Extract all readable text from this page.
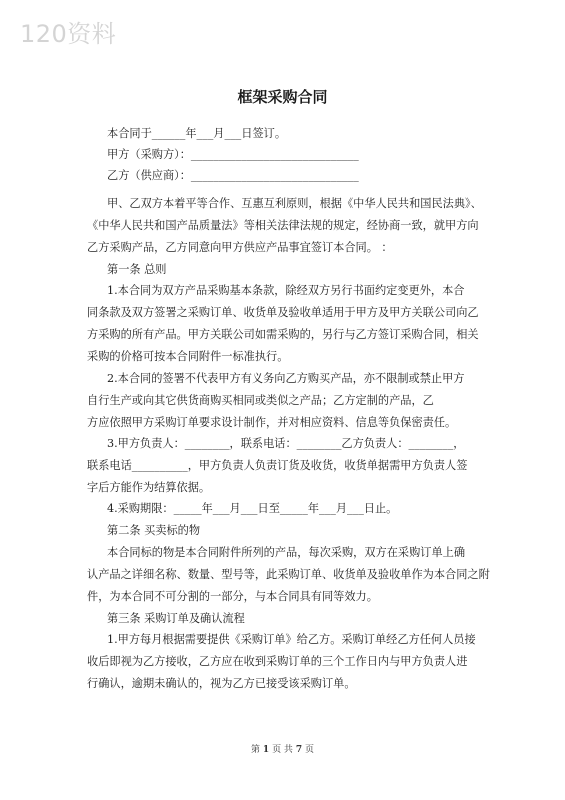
120资料
框架采购合同
本合同于______年___月___日签订。
甲方（采购方）：______________________________
乙方（供应商）：______________________________
甲、乙双方本着平等合作、互惠互利原则，根据《中华人民共和国民法典》、
《中华人民共和国产品质量法》等相关法律法规的规定，经协商一致，就甲方向
乙方采购产品，乙方同意向甲方供应产品事宜签订本合同。 ：
第一条 总则
1.本合同为双方产品采购基本条款，除经双方另行书面约定变更外，本合
同条款及双方签署之采购订单、收货单及验收单适用于甲方及甲方关联公司向乙
方采购的所有产品。甲方关联公司如需采购的，另行与乙方签订采购合同，相关
采购的价格可按本合同附件一标准执行。
2.本合同的签署不代表甲方有义务向乙方购买产品，亦不限制或禁止甲方
自行生产或向其它供货商购买相同或类似之产品；乙方定制的产品，乙
方应依照甲方采购订单要求设计制作，并对相应资料、信息等负保密责任。
3.甲方负责人：________，联系电话：________乙方负责人：________，
联系电话__________，甲方负责人负责订货及收货，收货单据需甲方负责人签
字后方能作为结算依据。
4.采购期限：_____年___月___日至_____年___月___日止。
第二条 买卖标的物
本合同标的物是本合同附件所列的产品，每次采购，双方在采购订单上确
认产品之详细名称、数量、型号等，此采购订单、收货单及验收单作为本合同之附
件，为本合同不可分割的一部分，与本合同具有同等效力。
第三条 采购订单及确认流程
1.甲方每月根据需要提供《采购订单》给乙方。采购订单经乙方任何人员接
收后即视为乙方接收，乙方应在收到采购订单的三个工作日内与甲方负责人进
行确认，逾期未确认的，视为乙方已接受该采购订单。
第 1 页 共 7 页
